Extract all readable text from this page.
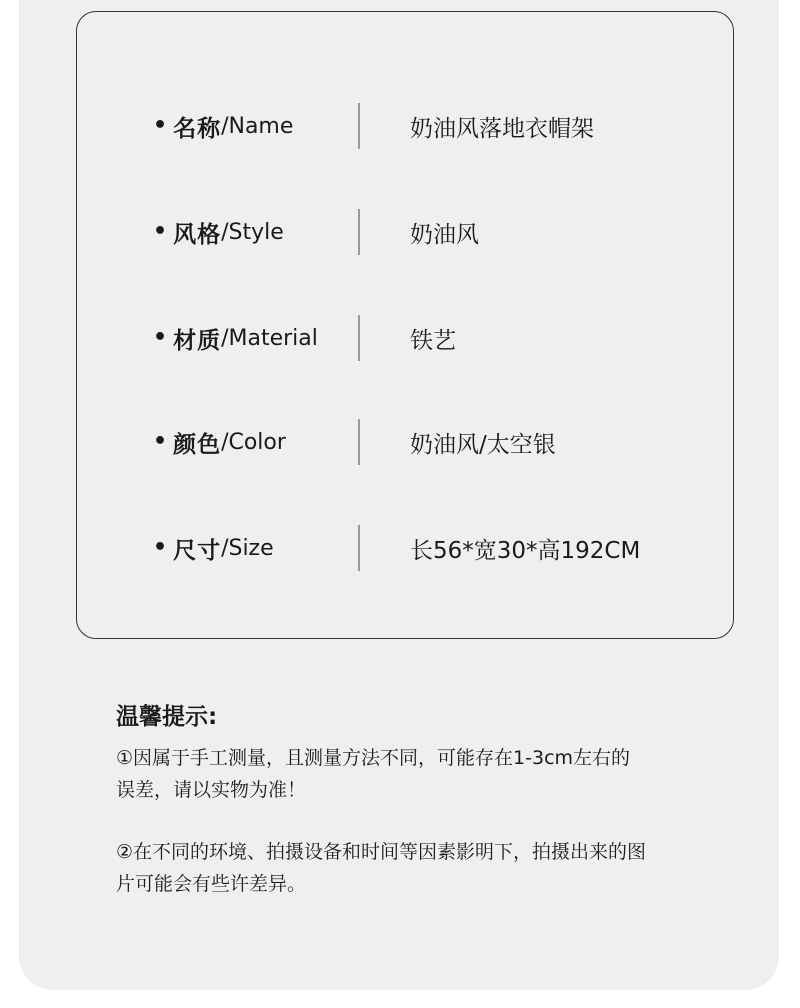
• 名称 / Name	奶油风落地衣帽架
• 风格 / Style	奶油风
• 材质 / Material	铁艺
• 颜色 / Color	奶油风/太空银
• 尺寸 / Size	长56*宽30*高192CM
温馨提示:
①因属于手工测量，且测量方法不同，可能存在1-3cm左右的
误差，请以实物为准！
②在不同的环境、拍摄设备和时间等因素影明下，拍摄出来的图
片可能会有些许差异。
